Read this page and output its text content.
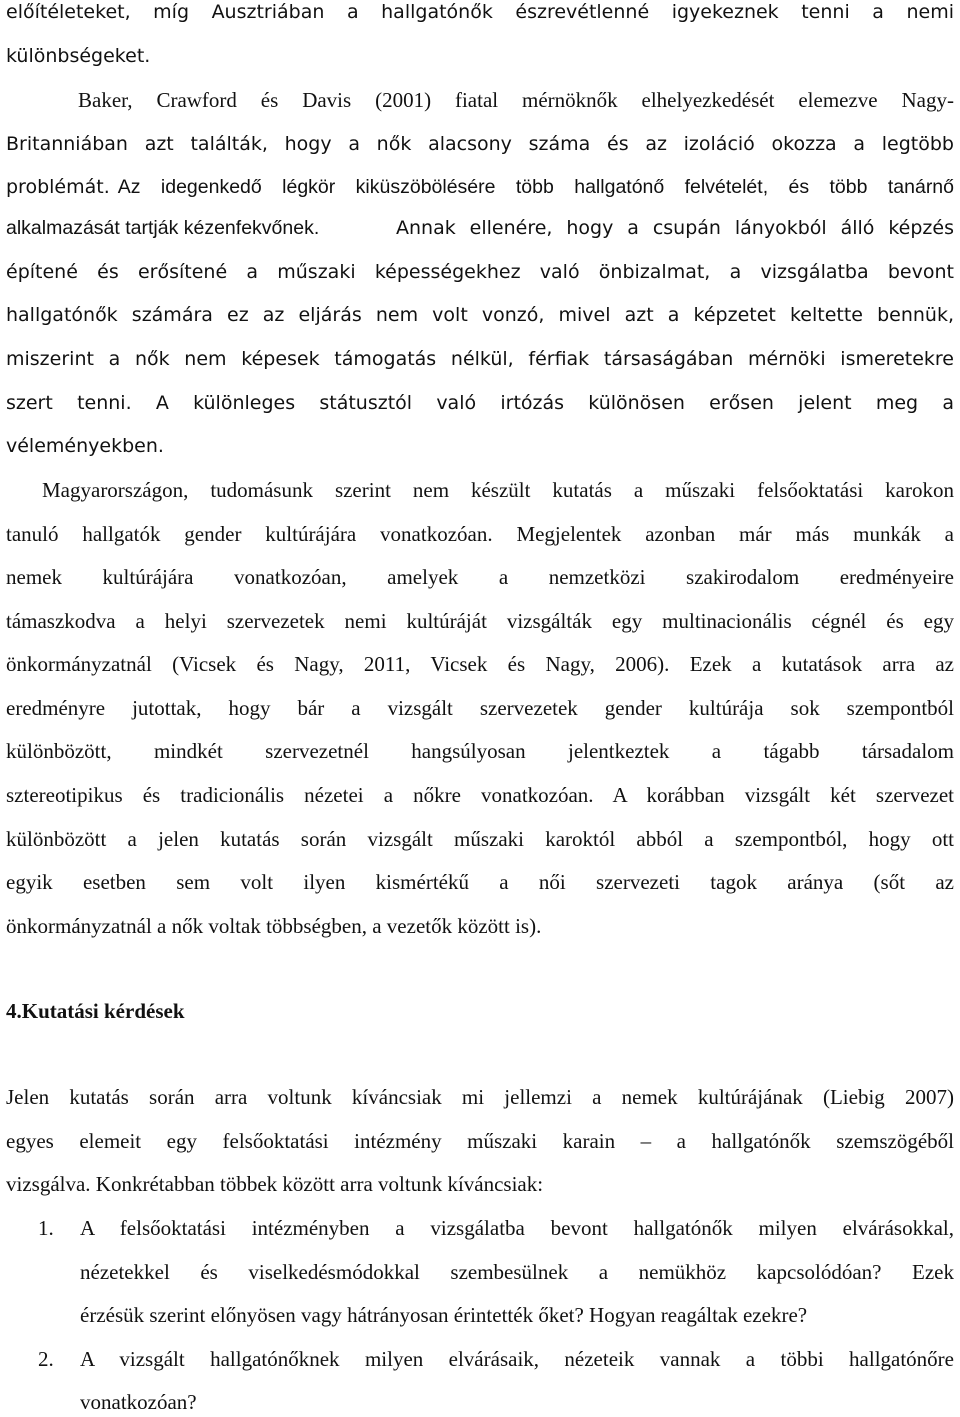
előítéleteket, míg Ausztriában a hallgatónők észrevétlenné igyekeznek tenni a nemi
különbségeket.
Baker, Crawford és Davis (2001) fiatal mérnöknők elhelyezkedését elemezve Nagy-
Britanniában azt találták, hogy a nők alacsony száma és az izoláció okozza a legtöbb
problémát. Az idegenkedő légkör kiküszöbölésére több hallgatónő felvételét, és több tanárnő
alkalmazását tartják kézenfekvőnek.	Annak ellenére, hogy a csupán lányokból álló képzés
építené és erősítené a műszaki képességekhez való önbizalmat, a vizsgálatba bevont
hallgatónők számára ez az eljárás nem volt vonzó, mivel azt a képzetet keltette bennük,
miszerint a nők nem képesek támogatás nélkül, férfiak társaságában mérnöki ismeretekre
szert tenni. A különleges státusztól való irtózás különösen erősen jelent meg a
véleményekben.
Magyarországon, tudomásunk szerint nem készült kutatás a műszaki felsőoktatási karokon
tanuló hallgatók gender kultúrájára vonatkozóan. Megjelentek azonban már más munkák a
nemek kultúrájára vonatkozóan, amelyek a nemzetközi szakirodalom eredményeire
támaszkodva a helyi szervezetek nemi kultúráját vizsgálták egy multinacionális cégnél és egy
önkormányzatnál (Vicsek és Nagy, 2011, Vicsek és Nagy, 2006). Ezek a kutatások arra az
eredményre jutottak, hogy bár a vizsgált szervezetek gender kultúrája sok szempontból
különbözött, mindkét szervezetnél hangsúlyosan jelentkeztek a tágabb társadalom
sztereotipikus és tradicionális nézetei a nőkre vonatkozóan. A korábban vizsgált két szervezet
különbözött a jelen kutatás során vizsgált műszaki karoktól abból a szempontból, hogy ott
egyik esetben sem volt ilyen kismértékű a női szervezeti tagok aránya (sőt az
önkormányzatnál a nők voltak többségben, a vezetők között is).
4.Kutatási kérdések
Jelen kutatás során arra voltunk kíváncsiak mi jellemzi a nemek kultúrájának (Liebig 2007)
egyes elemeit egy felsőoktatási intézmény műszaki karain – a hallgatónők szemszögéből
vizsgálva. Konkrétabban többek között arra voltunk kíváncsiak:
1. A felsőoktatási intézményben a vizsgálatba bevont hallgatónők milyen elvárásokkal,
nézetekkel és viselkedésmódokkal szembesülnek a nemükhöz kapcsolódóan? Ezek
érzésük szerint előnyösen vagy hátrányosan érintették őket? Hogyan reagáltak ezekre?
2. A vizsgált hallgatónőknek milyen elvárásaik, nézeteik vannak a többi hallgatónőre
vonatkozóan?
